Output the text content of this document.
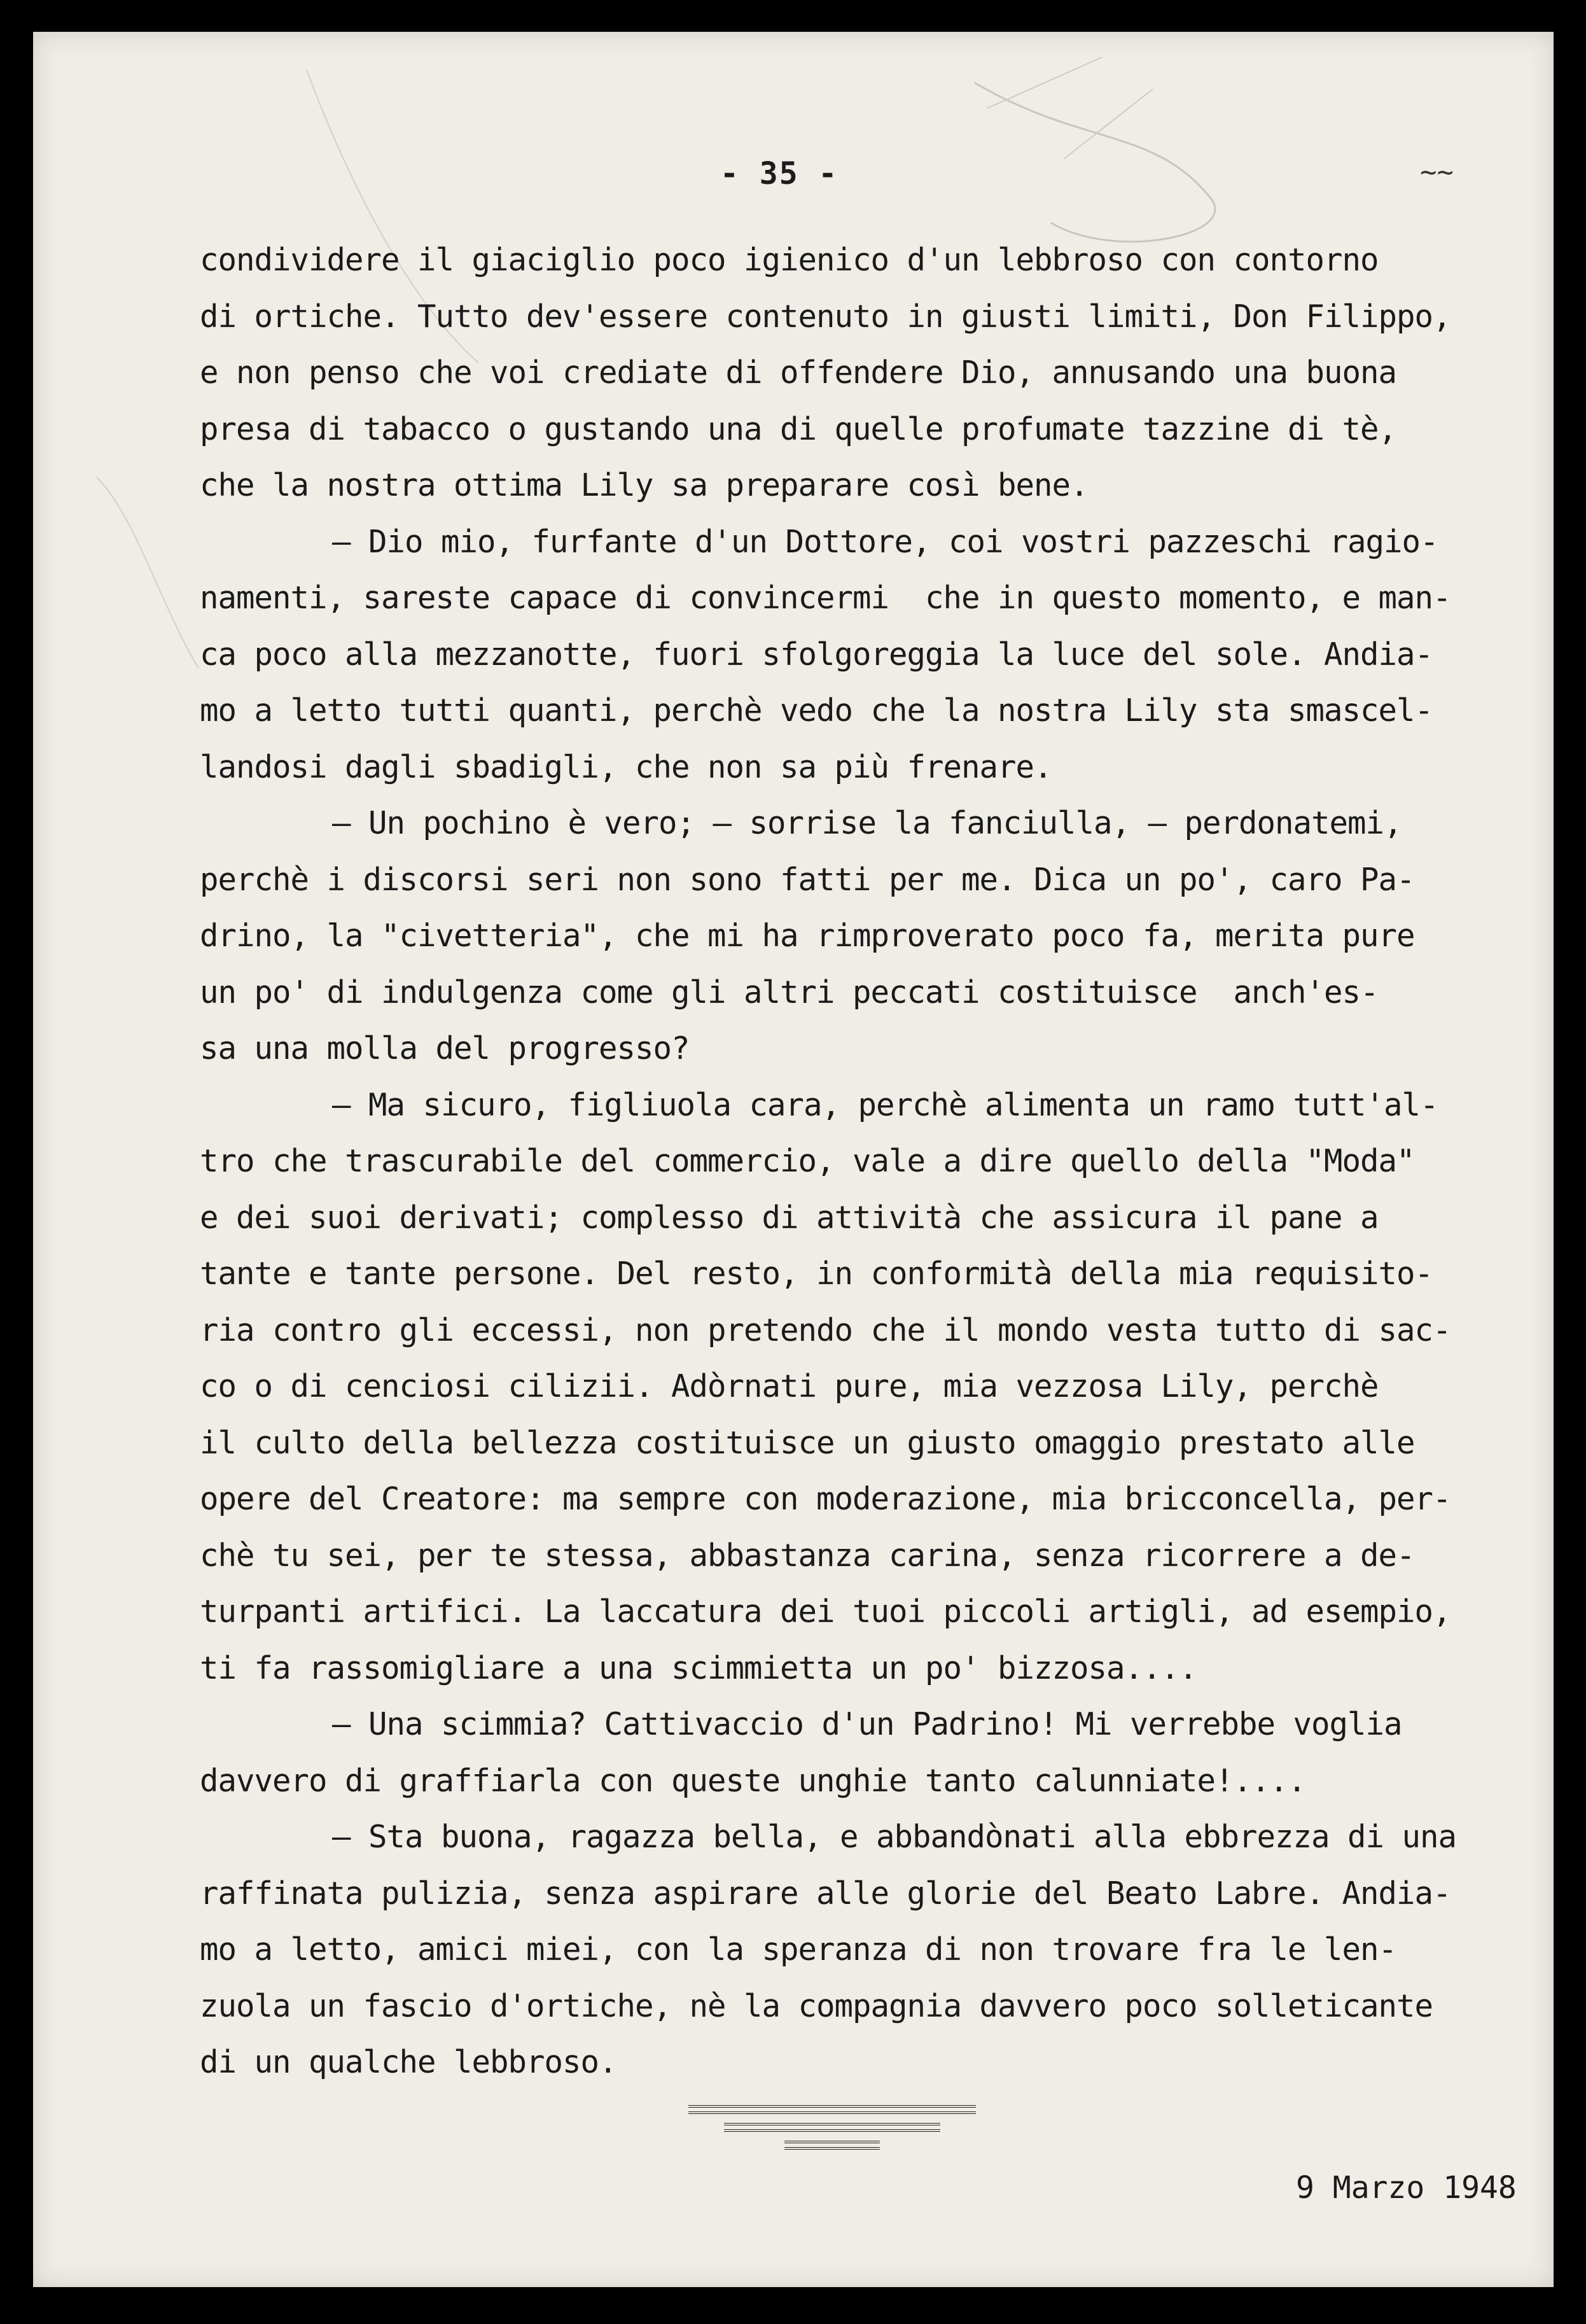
- 35 -	~~
condividere il giaciglio poco igienico d'un lebbroso con contorno
di ortiche. Tutto dev'essere contenuto in giusti limiti, Don Filippo,
e non penso che voi crediate di offendere Dio, annusando una buona
presa di tabacco o gustando una di quelle profumate tazzine di tè,
che la nostra ottima Lily sa preparare così bene.
— Dio mio, furfante d'un Dottore, coi vostri pazzeschi ragio-
namenti, sareste capace di convincermi  che in questo momento, e man-
ca poco alla mezzanotte, fuori sfolgoreggia la luce del sole. Andia-
mo a letto tutti quanti, perchè vedo che la nostra Lily sta smascel-
landosi dagli sbadigli, che non sa più frenare.
— Un pochino è vero; — sorrise la fanciulla, — perdonatemi,
perchè i discorsi seri non sono fatti per me. Dica un po', caro Pa-
drino, la "civetteria", che mi ha rimproverato poco fa, merita pure
un po' di indulgenza come gli altri peccati costituisce  anch'es-
sa una molla del progresso?
— Ma sicuro, figliuola cara, perchè alimenta un ramo tutt'al-
tro che trascurabile del commercio, vale a dire quello della "Moda"
e dei suoi derivati; complesso di attività che assicura il pane a
tante e tante persone. Del resto, in conformità della mia requisito-
ria contro gli eccessi, non pretendo che il mondo vesta tutto di sac-
co o di cenciosi cilizii. Adòrnati pure, mia vezzosa Lily, perchè
il culto della bellezza costituisce un giusto omaggio prestato alle
opere del Creatore: ma sempre con moderazione, mia bricconcella, per-
chè tu sei, per te stessa, abbastanza carina, senza ricorrere a de-
turpanti artifici. La laccatura dei tuoi piccoli artigli, ad esempio,
ti fa rassomigliare a una scimmietta un po' bizzosa....
— Una scimmia? Cattivaccio d'un Padrino! Mi verrebbe voglia
davvero di graffiarla con queste unghie tanto calunniate!....
— Sta buona, ragazza bella, e abbandònati alla ebbrezza di una
raffinata pulizia, senza aspirare alle glorie del Beato Labre. Andia-
mo a letto, amici miei, con la speranza di non trovare fra le len-
zuola un fascio d'ortiche, nè la compagnia davvero poco solleticante
di un qualche lebbroso.
9 Marzo 1948
